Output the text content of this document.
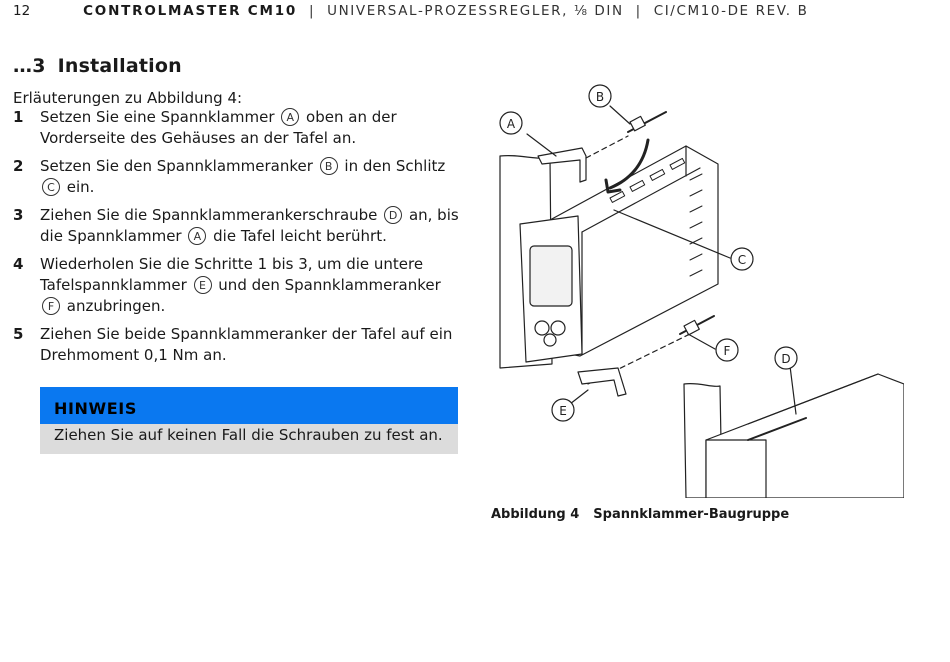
12	CONTROLMASTER CM10 | UNIVERSAL-PROZESSREGLER, ⅛ DIN | CI/CM10-DE REV. B
…3 Installation
Erläuterungen zu Abbildung 4:
1 Setzen Sie eine Spannklammer A oben an der Vorderseite des Gehäuses an der Tafel an.
2 Setzen Sie den Spannklammeranker B in den Schlitz C ein.
3 Ziehen Sie die Spannklammerankerschraube D an, bis die Spannklammer A die Tafel leicht berührt.
4 Wiederholen Sie die Schritte 1 bis 3, um die untere Tafelspannklammer E und den Spannklammeranker F anzubringen.
5 Ziehen Sie beide Spannklammeranker der Tafel auf ein Drehmoment 0,1 Nm an.
HINWEIS
Ziehen Sie auf keinen Fall die Schrauben zu fest an.
A
B
C
D
E
F
Abbildung 4 Spannklammer-Baugruppe
